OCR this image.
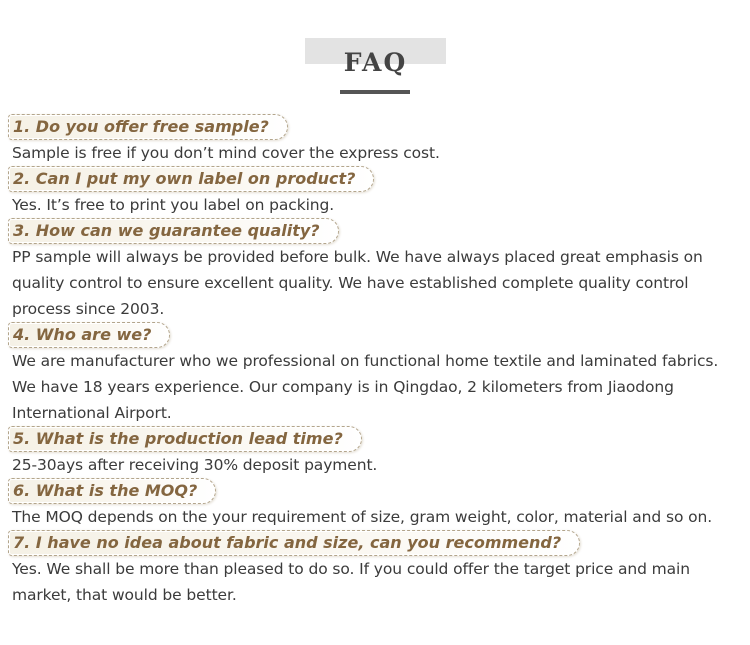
FAQ
1. Do you offer free sample?

Sample is free if you don’t mind cover the express cost.

2. Can I put my own label on product?

Yes. It’s free to print you label on packing.

3. How can we guarantee quality?

PP sample will always be provided before bulk. We have always placed great emphasis on

quality control to ensure excellent quality. We have established complete quality control

process since 2003.

4. Who are we?

We are manufacturer who we professional on functional home textile and laminated fabrics.

We have 18 years experience. Our company is in Qingdao, 2 kilometers from Jiaodong

International Airport.

5. What is the production lead time?

25-30ays after receiving 30% deposit payment.

6. What is the MOQ?

The MOQ depends on the your requirement of size, gram weight, color, material and so on.

7. I have no idea about fabric and size, can you recommend?

Yes. We shall be more than pleased to do so. If you could offer the target price and main

market, that would be better.
